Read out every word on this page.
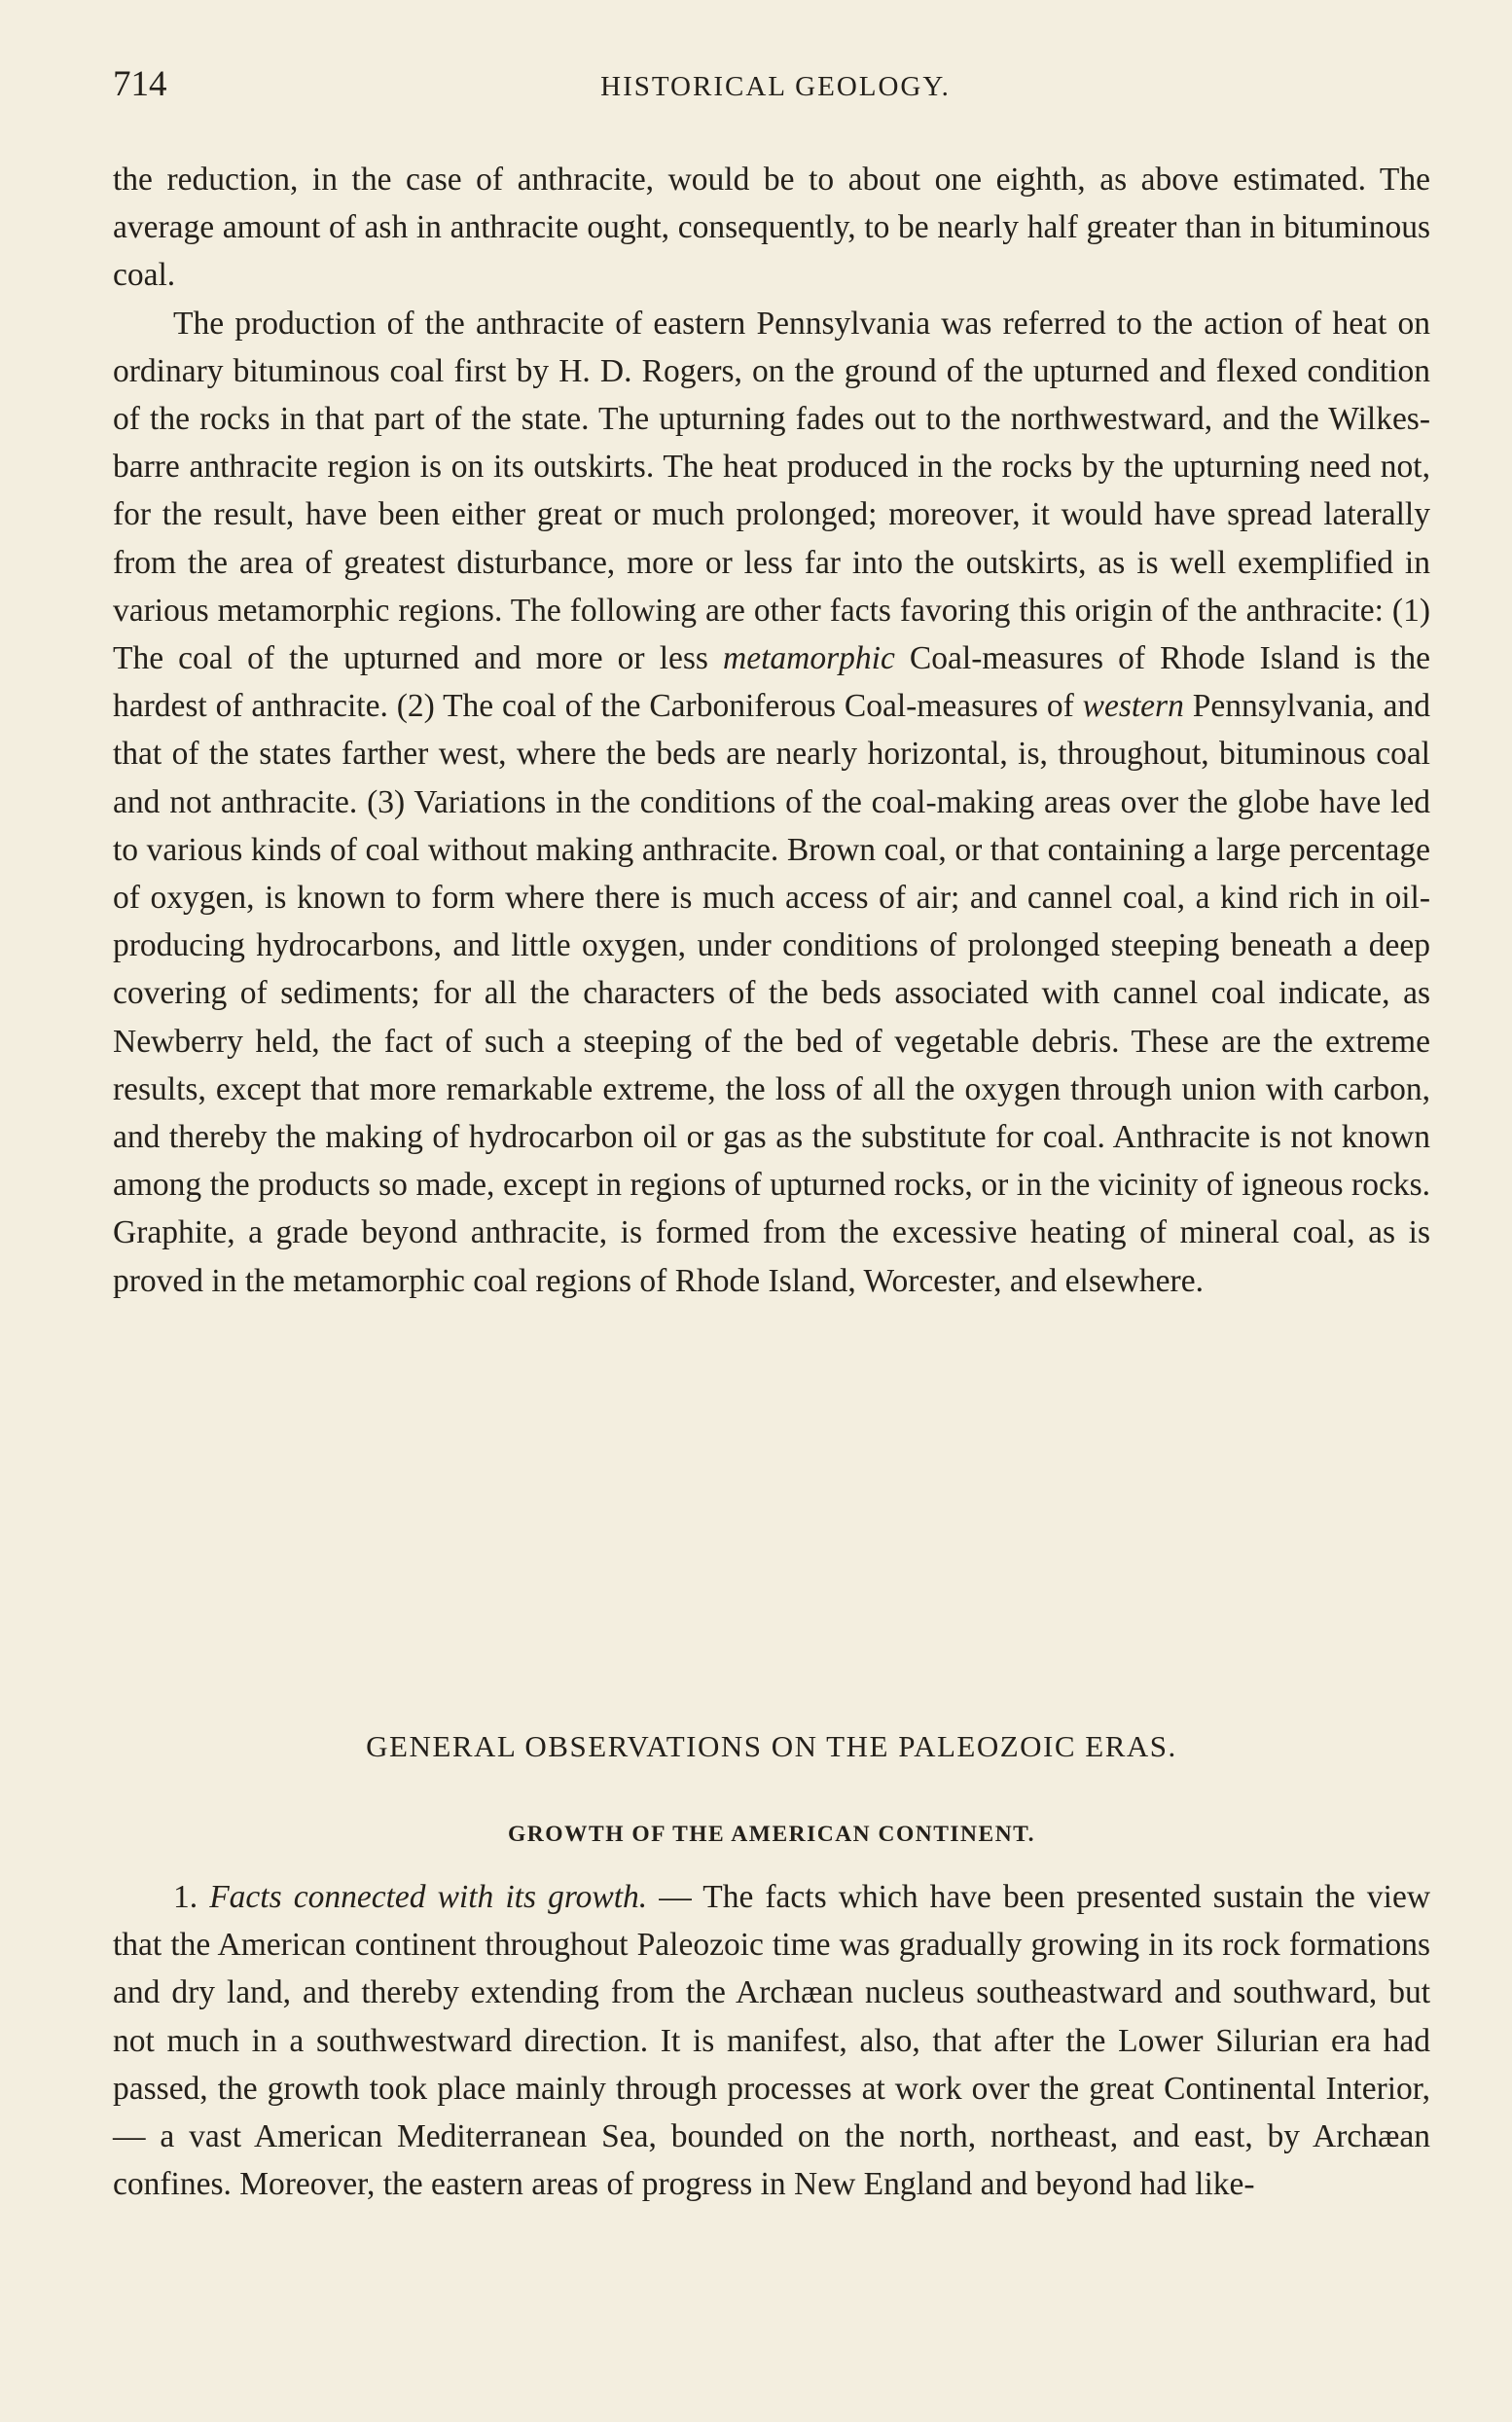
714	HISTORICAL GEOLOGY.

the reduction, in the case of anthracite, would be to about one eighth, as above estimated. The average amount of ash in anthracite ought, consequently, to be nearly half greater than in bituminous coal.

The production of the anthracite of eastern Pennsylvania was referred to the action of heat on ordinary bituminous coal first by H. D. Rogers, on the ground of the upturned and flexed condition of the rocks in that part of the state. The upturning fades out to the northwestward, and the Wilkes-barre anthracite region is on its outskirts. The heat produced in the rocks by the upturning need not, for the result, have been either great or much prolonged; moreover, it would have spread laterally from the area of greatest disturbance, more or less far into the outskirts, as is well exemplified in various metamorphic regions. The following are other facts favoring this origin of the anthracite: (1) The coal of the upturned and more or less metamorphic Coal-measures of Rhode Island is the hardest of anthracite. (2) The coal of the Carboniferous Coal-measures of western Pennsylvania, and that of the states farther west, where the beds are nearly horizontal, is, throughout, bituminous coal and not anthracite. (3) Variations in the conditions of the coal-making areas over the globe have led to various kinds of coal without making anthracite. Brown coal, or that containing a large percentage of oxygen, is known to form where there is much access of air; and cannel coal, a kind rich in oil-producing hydrocarbons, and little oxygen, under conditions of prolonged steeping beneath a deep covering of sediments; for all the characters of the beds associated with cannel coal indicate, as Newberry held, the fact of such a steeping of the bed of vegetable debris. These are the extreme results, except that more remarkable extreme, the loss of all the oxygen through union with carbon, and thereby the making of hydrocarbon oil or gas as the substitute for coal. Anthracite is not known among the products so made, except in regions of upturned rocks, or in the vicinity of igneous rocks. Graphite, a grade beyond anthracite, is formed from the excessive heating of mineral coal, as is proved in the metamorphic coal regions of Rhode Island, Worcester, and elsewhere.

GENERAL OBSERVATIONS ON THE PALEOZOIC ERAS.
GROWTH OF THE AMERICAN CONTINENT.

1. Facts connected with its growth. — The facts which have been presented sustain the view that the American continent throughout Paleozoic time was gradually growing in its rock formations and dry land, and thereby extending from the Archæan nucleus southeastward and southward, but not much in a southwestward direction. It is manifest, also, that after the Lower Silurian era had passed, the growth took place mainly through processes at work over the great Continental Interior, — a vast American Mediterranean Sea, bounded on the north, northeast, and east, by Archæan confines. Moreover, the eastern areas of progress in New England and beyond had like-
